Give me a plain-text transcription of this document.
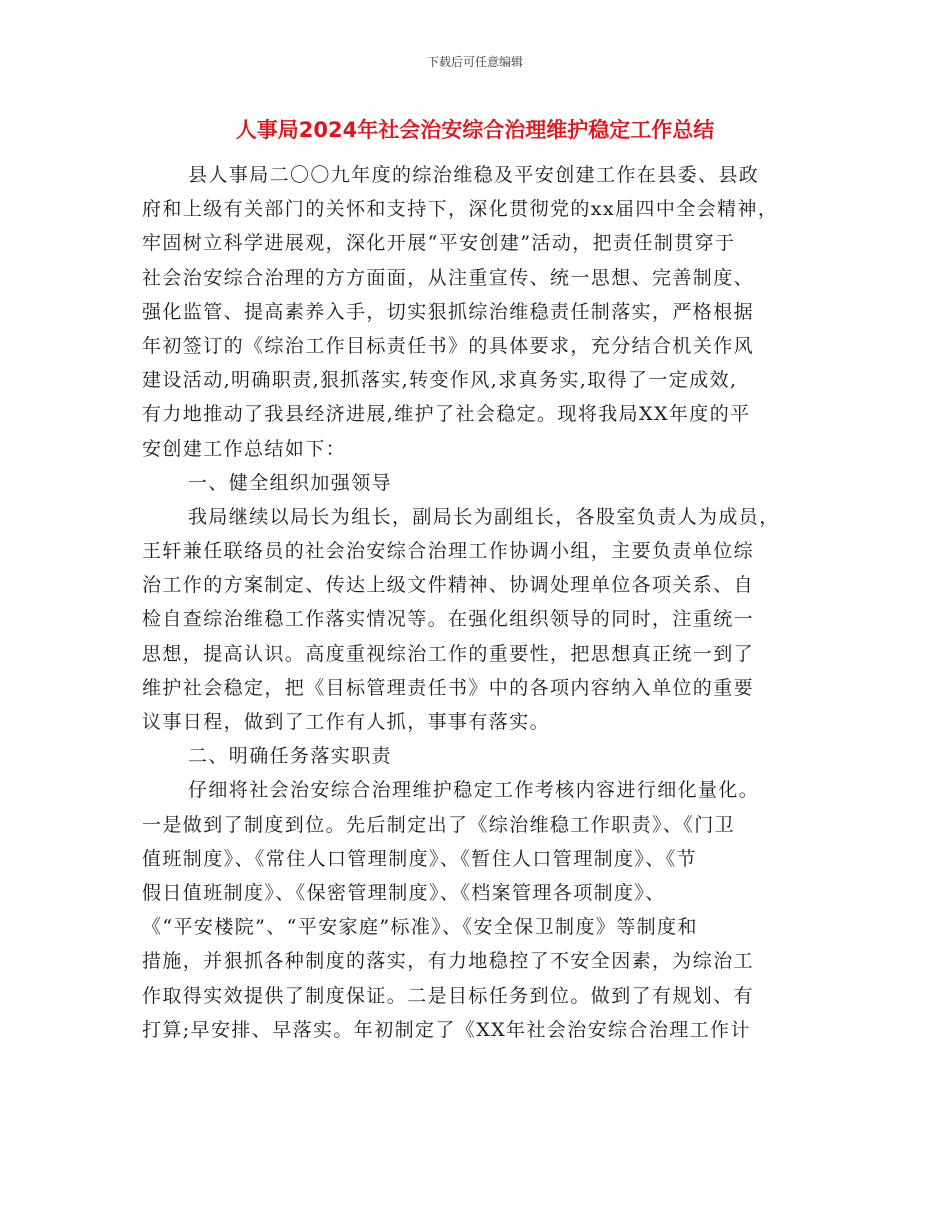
下载后可任意编辑
人事局2024年社会治安综合治理维护稳定工作总结
县人事局二〇〇九年度的综治维稳及平安创建工作在县委、县政
府和上级有关部门的关怀和支持下，深化贯彻党的xx届四中全会精神，
牢固树立科学进展观，深化开展“平安创建”活动，把责任制贯穿于
社会治安综合治理的方方面面，从注重宣传、统一思想、完善制度、
强化监管、提高素养入手，切实狠抓综治维稳责任制落实，严格根据
年初签订的《综治工作目标责任书》的具体要求，充分结合机关作风
建设活动,明确职责,狠抓落实,转变作风,求真务实,取得了一定成效,
有力地推动了我县经济进展,维护了社会稳定。现将我局XX年度的平
安创建工作总结如下：
一、健全组织加强领导
我局继续以局长为组长，副局长为副组长，各股室负责人为成员，
王轩兼任联络员的社会治安综合治理工作协调小组，主要负责单位综
治工作的方案制定、传达上级文件精神、协调处理单位各项关系、自
检自查综治维稳工作落实情况等。在强化组织领导的同时，注重统一
思想，提高认识。高度重视综治工作的重要性，把思想真正统一到了
维护社会稳定，把《目标管理责任书》中的各项内容纳入单位的重要
议事日程，做到了工作有人抓，事事有落实。
二、明确任务落实职责
仔细将社会治安综合治理维护稳定工作考核内容进行细化量化。
一是做到了制度到位。先后制定出了《综治维稳工作职责》、《门卫
值班制度》、《常住人口管理制度》、《暂住人口管理制度》、《节
假日值班制度》、《保密管理制度》、《档案管理各项制度》、
《“平安楼院”、“平安家庭”标准》、《安全保卫制度》等制度和
措施，并狠抓各种制度的落实，有力地稳控了不安全因素，为综治工
作取得实效提供了制度保证。二是目标任务到位。做到了有规划、有
打算;早安排、早落实。年初制定了《XX年社会治安综合治理工作计
